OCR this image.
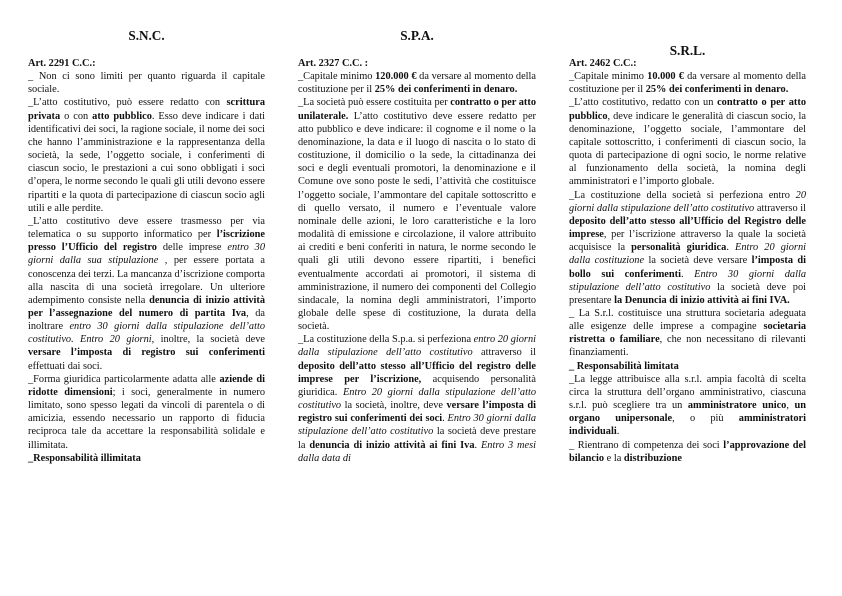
S.N.C.

Art. 2291 C.C.:

_ Non ci sono limiti per quanto riguarda il capitale sociale.

_L’atto costitutivo, può essere redatto con scrittura privata o con atto pubblico. Esso deve indicare i dati identificativi dei soci, la ragione sociale, il nome dei soci che hanno l’amministrazione e la rappresentanza della società, la sede, l’oggetto sociale, i conferimenti di ciascun socio, le prestazioni a cui sono obbligati i soci d’opera, le norme secondo le quali gli utili devono essere ripartiti e la quota di partecipazione di ciascun socio agli utili e alle perdite.

_L’atto costitutivo deve essere trasmesso per via telematica o su supporto informatico per l’iscrizione presso l’Ufficio del registro delle imprese entro 30 giorni dalla sua stipulazione , per essere portata a conoscenza dei terzi. La mancanza d’iscrizione comporta alla nascita di una società irregolare. Un ulteriore adempimento consiste nella denuncia di inizio attività per l’assegnazione del numero di partita Iva, da inoltrare entro 30 giorni dalla stipulazione dell’atto costitutivo. Entro 20 giorni, inoltre, la società deve versare l’imposta di registro sui conferimenti effettuati dai soci.

_Forma giuridica particolarmente adatta alle aziende di ridotte dimensioni; i soci, generalmente in numero limitato, sono spesso legati da vincoli di parentela o di amicizia, essendo necessario un rapporto di fiducia reciproca tale da accettare la responsabilità solidale e illimitata.

_Responsabilità illimitata

S.P.A.

Art. 2327 C.C. :

_Capitale minimo 120.000 € da versare al momento della costituzione per il 25% dei conferimenti in denaro.

_La società può essere costituita per contratto o per atto unilaterale. L’atto costitutivo deve essere redatto per atto pubblico e deve indicare: il cognome e il nome o la denominazione, la data e il luogo di nascita o lo stato di costituzione, il domicilio o la sede, la cittadinanza dei soci e degli eventuali promotori, la denominazione e il Comune ove sono poste le sedi, l’attività che costituisce l’oggetto sociale, l’ammontare del capitale sottoscritto e di quello versato, il numero e l’eventuale valore nominale delle azioni, le loro caratteristiche e la loro modalità di emissione e circolazione, il valore attribuito ai crediti e beni conferiti in natura, le norme secondo le quali gli utili devono essere ripartiti, i benefici eventualmente accordati ai promotori, il sistema di amministrazione, il numero dei componenti del Collegio sindacale, la nomina degli amministratori, l’importo globale delle spese di costituzione, la durata della società.

_La costituzione della S.p.a. si perfeziona entro 20 giorni dalla stipulazione dell’atto costitutivo attraverso il deposito dell’atto stesso all’Ufficio del registro delle imprese per l’iscrizione, acquisendo personalità giuridica. Entro 20 giorni dalla stipulazione dell’atto costitutivo la società, inoltre, deve versare l’imposta di registro sui conferimenti dei soci. Entro 30 giorni dalla stipulazione dell’atto costitutivo la società deve prestare la denuncia di inizio attività ai fini Iva. Entro 3 mesi dalla data di

S.R.L.

Art. 2462 C.C.:

_Capitale minimo 10.000 € da versare al momento della costituzione per il 25% dei conferimenti in denaro.

_L’atto costitutivo, redatto con un contratto o per atto pubblico, deve indicare le generalità di ciascun socio, la denominazione, l’oggetto sociale, l’ammontare del capitale sottoscritto, i conferimenti di ciascun socio, la quota di partecipazione di ogni socio, le norme relative al funzionamento della società, la nomina degli amministratori e l’importo globale.

_La costituzione della società si perfeziona entro 20 giorni dalla stipulazione dell’atto costitutivo attraverso il deposito dell’atto stesso all’Ufficio del Registro delle imprese, per l’iscrizione attraverso la quale la società acquisisce la personalità giuridica. Entro 20 giorni dalla costituzione la società deve versare l’imposta di bollo sui conferimenti. Entro 30 giorni dalla stipulazione dell’atto costitutivo la società deve poi presentare la Denuncia di inizio attività ai fini IVA.

_ La S.r.l. costituisce una struttura societaria adeguata alle esigenze delle imprese a compagine societaria ristretta o familiare, che non necessitano di rilevanti finanziamenti.

_ Responsabilità limitata

_La legge attribuisce alla s.r.l. ampia facoltà di scelta circa la struttura dell’organo amministrativo, ciascuna s.r.l. può scegliere tra un amministratore unico, un organo unipersonale, o più amministratori individuali.

_ Rientrano di competenza dei soci l’approvazione del bilancio e la distribuzione
